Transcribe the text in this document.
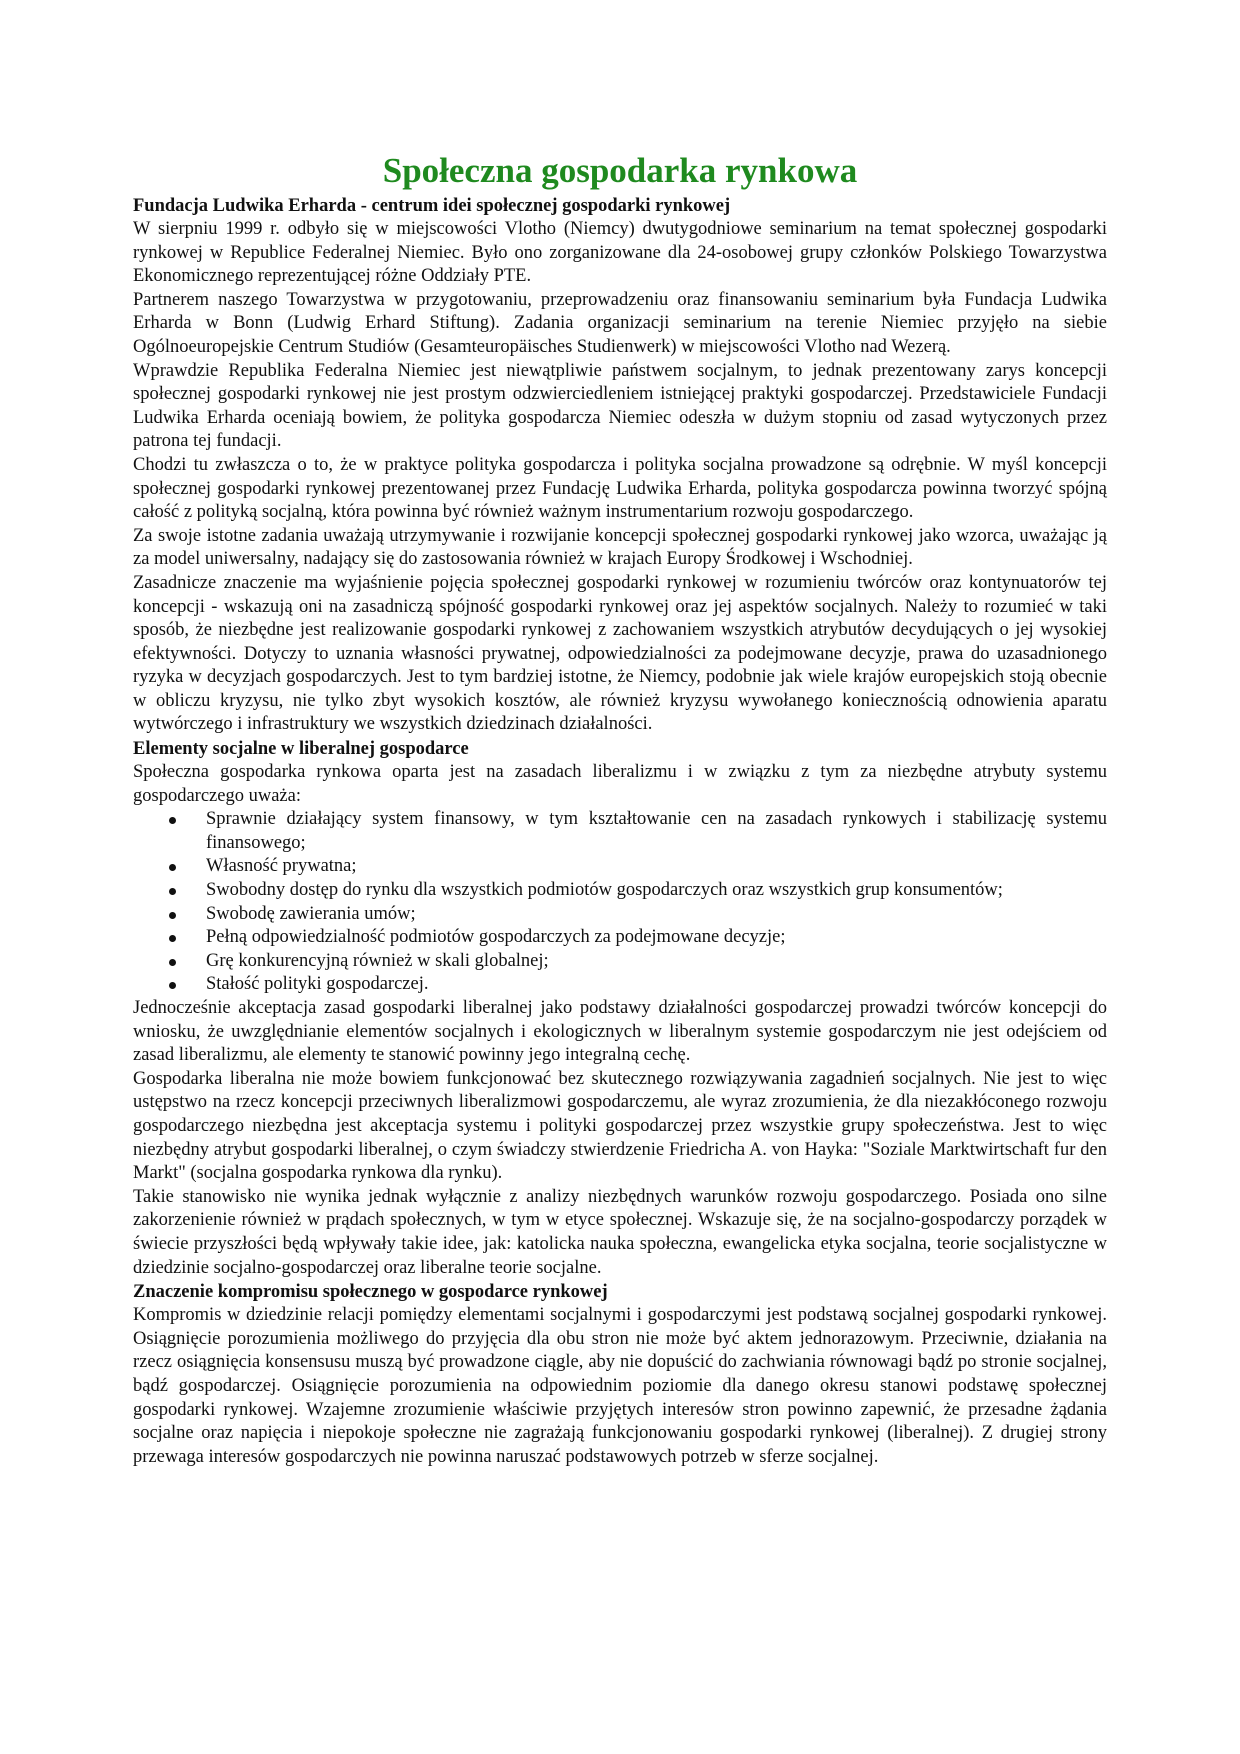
Społeczna gospodarka rynkowa
Fundacja Ludwika Erharda - centrum idei społecznej gospodarki rynkowej

W sierpniu 1999 r. odbyło się w miejscowości Vlotho (Niemcy) dwutygodniowe seminarium na temat społecznej gospodarki rynkowej w Republice Federalnej Niemiec. Było ono zorganizowane dla 24-osobowej grupy członków Polskiego Towarzystwa Ekonomicznego reprezentującej różne Oddziały PTE.

Partnerem naszego Towarzystwa w przygotowaniu, przeprowadzeniu oraz finansowaniu seminarium była Fundacja Ludwika Erharda w Bonn (Ludwig Erhard Stiftung). Zadania organizacji seminarium na terenie Niemiec przyjęło na siebie Ogólnoeuropejskie Centrum Studiów (Gesamteuropäisches Studienwerk) w miejscowości Vlotho nad Wezerą.

Wprawdzie Republika Federalna Niemiec jest niewątpliwie państwem socjalnym, to jednak prezentowany zarys koncepcji społecznej gospodarki rynkowej nie jest prostym odzwierciedleniem istniejącej praktyki gospodarczej. Przedstawiciele Fundacji Ludwika Erharda oceniają bowiem, że polityka gospodarcza Niemiec odeszła w dużym stopniu od zasad wytyczonych przez patrona tej fundacji.

Chodzi tu zwłaszcza o to, że w praktyce polityka gospodarcza i polityka socjalna prowadzone są odrębnie. W myśl koncepcji społecznej gospodarki rynkowej prezentowanej przez Fundację Ludwika Erharda, polityka gospodarcza powinna tworzyć spójną całość z polityką socjalną, która powinna być również ważnym instrumentarium rozwoju gospodarczego.

Za swoje istotne zadania uważają utrzymywanie i rozwijanie koncepcji społecznej gospodarki rynkowej jako wzorca, uważając ją za model uniwersalny, nadający się do zastosowania również w krajach Europy Środkowej i Wschodniej.

Zasadnicze znaczenie ma wyjaśnienie pojęcia społecznej gospodarki rynkowej w rozumieniu twórców oraz kontynuatorów tej koncepcji - wskazują oni na zasadniczą spójność gospodarki rynkowej oraz jej aspektów socjalnych. Należy to rozumieć w taki sposób, że niezbędne jest realizowanie gospodarki rynkowej z zachowaniem wszystkich atrybutów decydujących o jej wysokiej efektywności. Dotyczy to uznania własności prywatnej, odpowiedzialności za podejmowane decyzje, prawa do uzasadnionego ryzyka w decyzjach gospodarczych. Jest to tym bardziej istotne, że Niemcy, podobnie jak wiele krajów europejskich stoją obecnie w obliczu kryzysu, nie tylko zbyt wysokich kosztów, ale również kryzysu wywołanego koniecznością odnowienia aparatu wytwórczego i infrastruktury we wszystkich dziedzinach działalności.

Elementy socjalne w liberalnej gospodarce

Społeczna gospodarka rynkowa oparta jest na zasadach liberalizmu i w związku z tym za niezbędne atrybuty systemu gospodarczego uważa:

Sprawnie działający system finansowy, w tym kształtowanie cen na zasadach rynkowych i stabilizację systemu finansowego;
Własność prywatna;
Swobodny dostęp do rynku dla wszystkich podmiotów gospodarczych oraz wszystkich grup konsumentów;
Swobodę zawierania umów;
Pełną odpowiedzialność podmiotów gospodarczych za podejmowane decyzje;
Grę konkurencyjną również w skali globalnej;
Stałość polityki gospodarczej.

Jednocześnie akceptacja zasad gospodarki liberalnej jako podstawy działalności gospodarczej prowadzi twórców koncepcji do wniosku, że uwzględnianie elementów socjalnych i ekologicznych w liberalnym systemie gospodarczym nie jest odejściem od zasad liberalizmu, ale elementy te stanowić powinny jego integralną cechę.

Gospodarka liberalna nie może bowiem funkcjonować bez skutecznego rozwiązywania zagadnień socjalnych. Nie jest to więc ustępstwo na rzecz koncepcji przeciwnych liberalizmowi gospodarczemu, ale wyraz zrozumienia, że dla niezakłóconego rozwoju gospodarczego niezbędna jest akceptacja systemu i polityki gospodarczej przez wszystkie grupy społeczeństwa. Jest to więc niezbędny atrybut gospodarki liberalnej, o czym świadczy stwierdzenie Friedricha A. von Hayka: "Soziale Marktwirtschaft fur den Markt" (socjalna gospodarka rynkowa dla rynku).

Takie stanowisko nie wynika jednak wyłącznie z analizy niezbędnych warunków rozwoju gospodarczego. Posiada ono silne zakorzenienie również w prądach społecznych, w tym w etyce społecznej. Wskazuje się, że na socjalno-gospodarczy porządek w świecie przyszłości będą wpływały takie idee, jak: katolicka nauka społeczna, ewangelicka etyka socjalna, teorie socjalistyczne w dziedzinie socjalno-gospodarczej oraz liberalne teorie socjalne.

Znaczenie kompromisu społecznego w gospodarce rynkowej

Kompromis w dziedzinie relacji pomiędzy elementami socjalnymi i gospodarczymi jest podstawą socjalnej gospodarki rynkowej. Osiągnięcie porozumienia możliwego do przyjęcia dla obu stron nie może być aktem jednorazowym. Przeciwnie, działania na rzecz osiągnięcia konsensusu muszą być prowadzone ciągle, aby nie dopuścić do zachwiania równowagi bądź po stronie socjalnej, bądź gospodarczej. Osiągnięcie porozumienia na odpowiednim poziomie dla danego okresu stanowi podstawę społecznej gospodarki rynkowej. Wzajemne zrozumienie właściwie przyjętych interesów stron powinno zapewnić, że przesadne żądania socjalne oraz napięcia i niepokoje społeczne nie zagrażają funkcjonowaniu gospodarki rynkowej (liberalnej). Z drugiej strony przewaga interesów gospodarczych nie powinna naruszać podstawowych potrzeb w sferze socjalnej.
